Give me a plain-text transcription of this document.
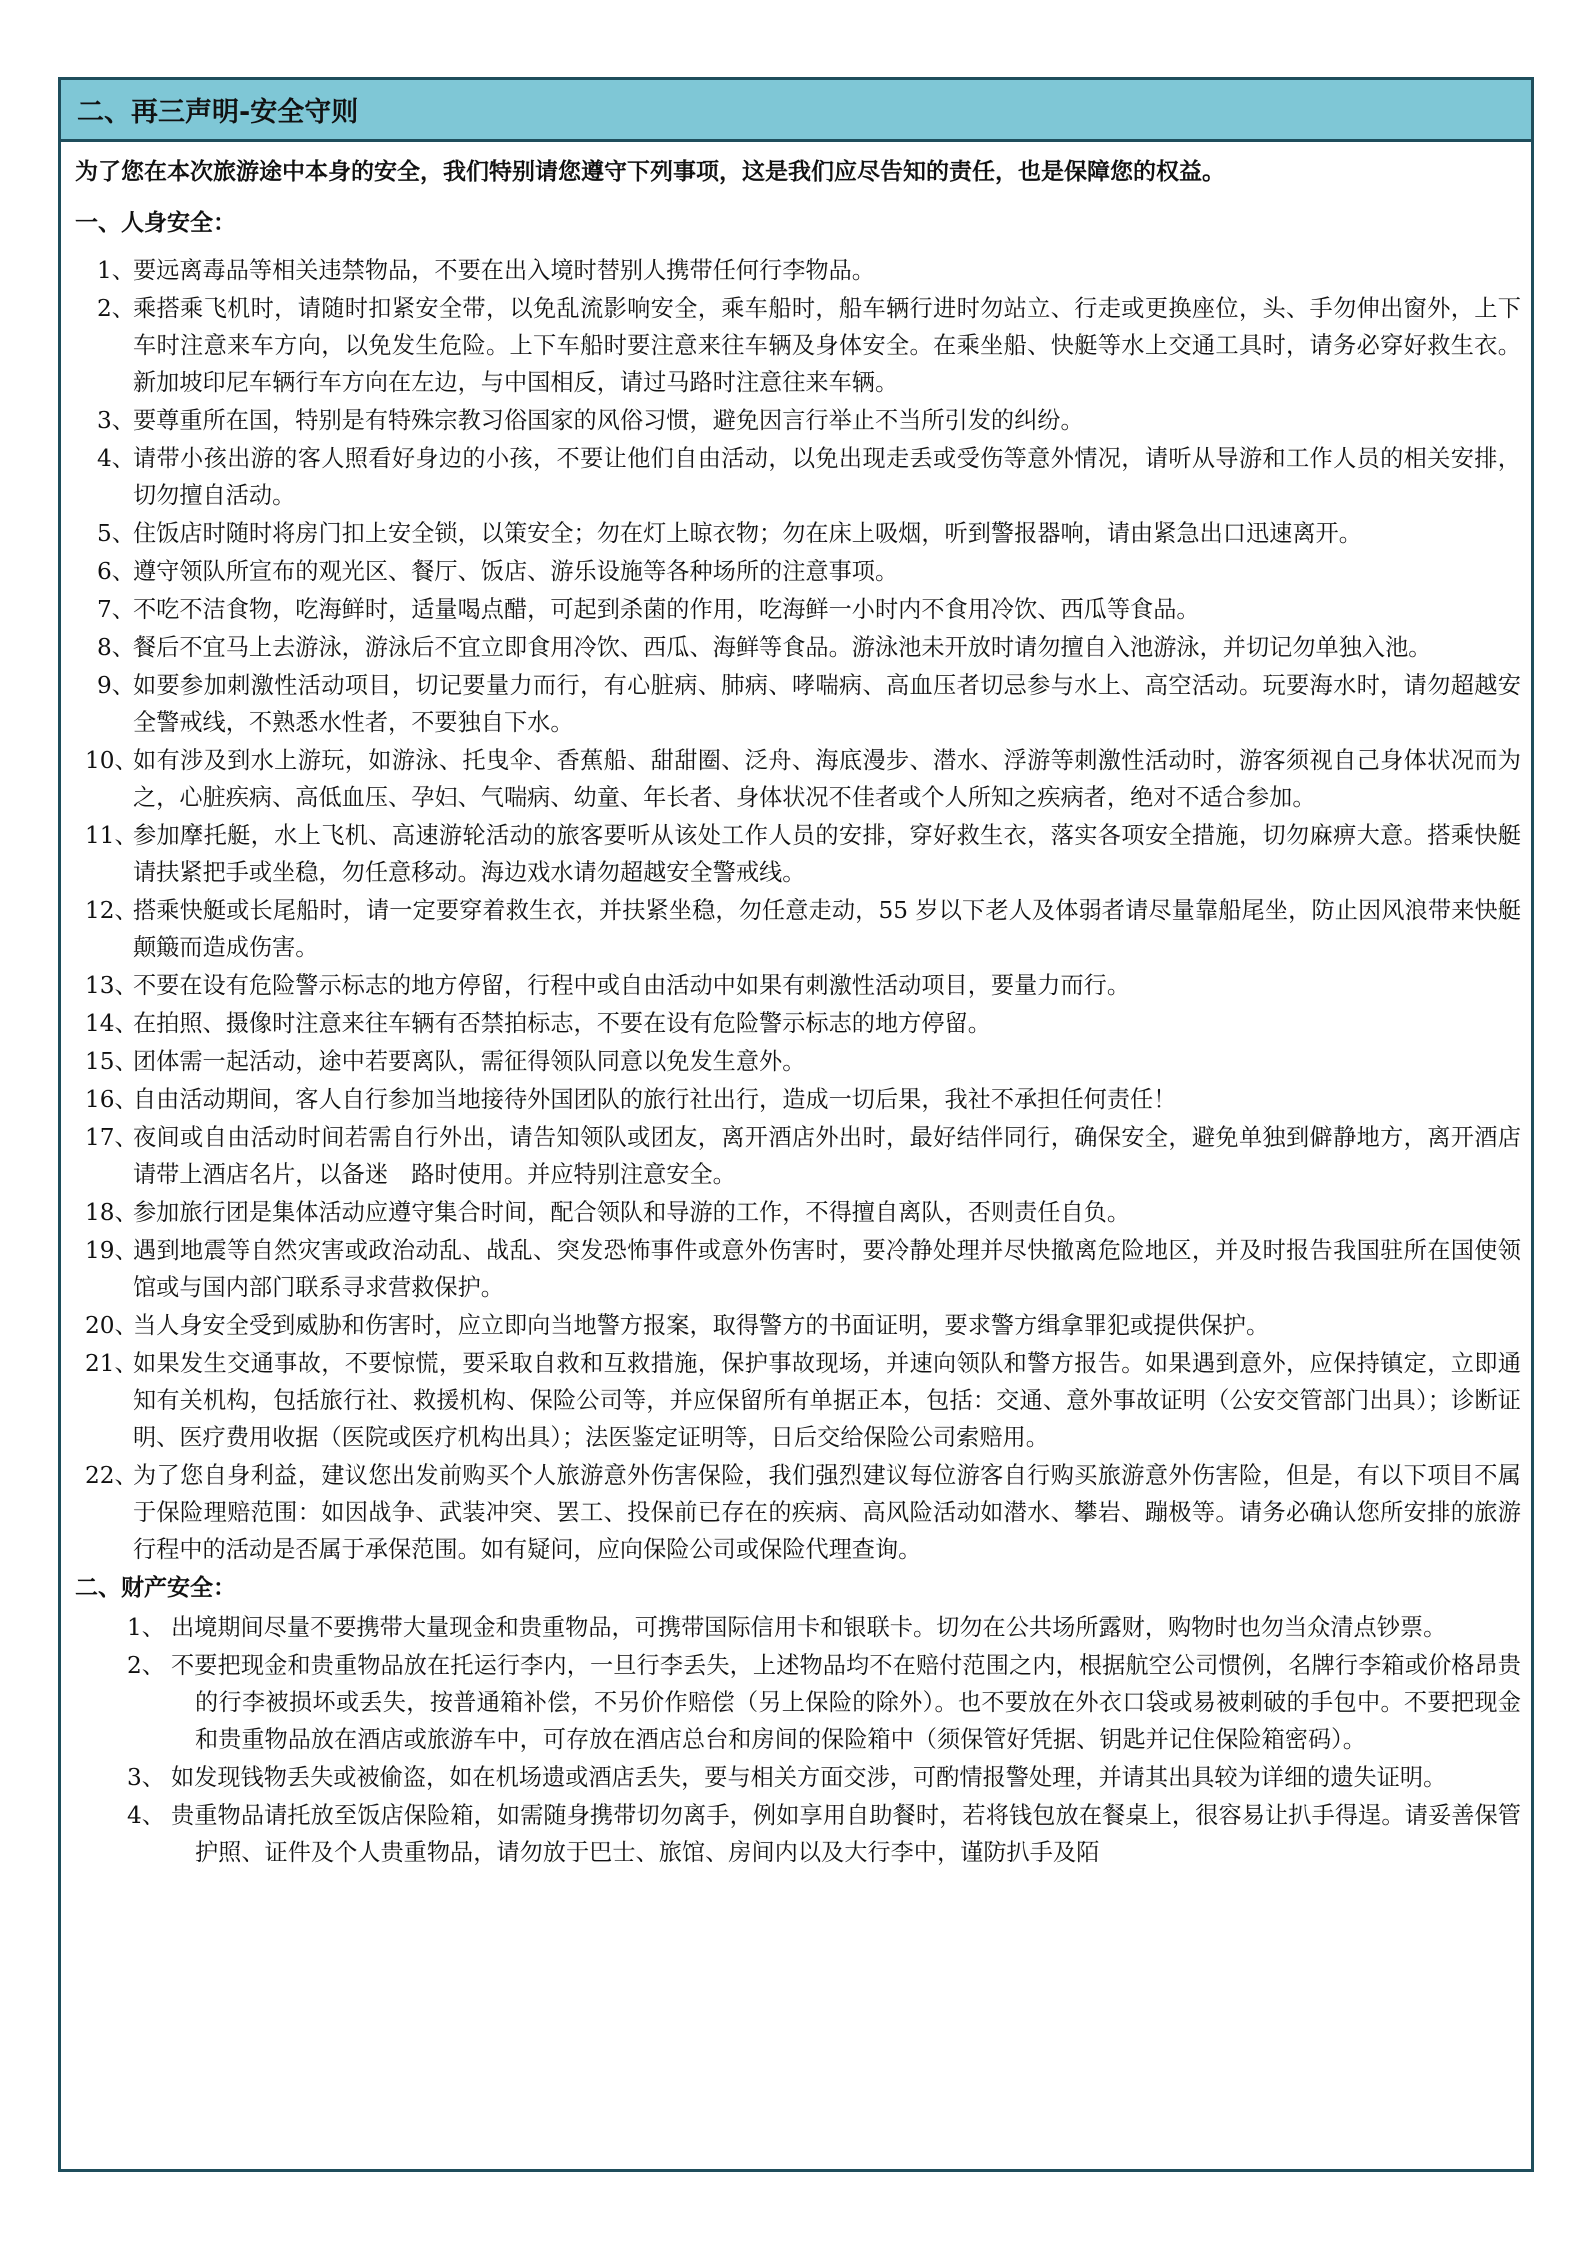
二、再三声明-安全守则
为了您在本次旅游途中本身的安全，我们特别请您遵守下列事项，这是我们应尽告知的责任，也是保障您的权益。
一、人身安全：
1、
要远离毒品等相关违禁物品，不要在出入境时替别人携带任何行李物品。
2、
乘搭乘飞机时，请随时扣紧安全带，以免乱流影响安全，乘车船时，船车辆行进时勿站立、行走或更换座位，头、手勿伸出窗外，上下车时注意来车方向，以免发生危险。上下车船时要注意来往车辆及身体安全。在乘坐船、快艇等水上交通工具时，请务必穿好救生衣。新加坡印尼车辆行车方向在左边，与中国相反，请过马路时注意往来车辆。
3、
要尊重所在国，特别是有特殊宗教习俗国家的风俗习惯，避免因言行举止不当所引发的纠纷。
4、
请带小孩出游的客人照看好身边的小孩，不要让他们自由活动，以免出现走丢或受伤等意外情况，请听从导游和工作人员的相关安排，切勿擅自活动。
5、
住饭店时随时将房门扣上安全锁，以策安全；勿在灯上晾衣物；勿在床上吸烟，听到警报器响，请由紧急出口迅速离开。
6、
遵守领队所宣布的观光区、餐厅、饭店、游乐设施等各种场所的注意事项。
7、
不吃不洁食物，吃海鲜时，适量喝点醋，可起到杀菌的作用，吃海鲜一小时内不食用冷饮、西瓜等食品。
8、
餐后不宜马上去游泳，游泳后不宜立即食用冷饮、西瓜、海鲜等食品。游泳池未开放时请勿擅自入池游泳，并切记勿单独入池。
9、
如要参加刺激性活动项目，切记要量力而行，有心脏病、肺病、哮喘病、高血压者切忌参与水上、高空活动。玩要海水时，请勿超越安全警戒线，不熟悉水性者，不要独自下水。
10、
如有涉及到水上游玩，如游泳、托曳伞、香蕉船、甜甜圈、泛舟、海底漫步、潜水、浮游等刺激性活动时，游客须视自己身体状况而为之，心脏疾病、高低血压、孕妇、气喘病、幼童、年长者、身体状况不佳者或个人所知之疾病者，绝对不适合参加。
11、
参加摩托艇，水上飞机、高速游轮活动的旅客要听从该处工作人员的安排，穿好救生衣，落实各项安全措施，切勿麻痹大意。搭乘快艇请扶紧把手或坐稳，勿任意移动。海边戏水请勿超越安全警戒线。
12、
搭乘快艇或长尾船时，请一定要穿着救生衣，并扶紧坐稳，勿任意走动，55 岁以下老人及体弱者请尽量靠船尾坐，防止因风浪带来快艇颠簸而造成伤害。
13、
不要在设有危险警示标志的地方停留，行程中或自由活动中如果有刺激性活动项目，要量力而行。
14、
在拍照、摄像时注意来往车辆有否禁拍标志，不要在设有危险警示标志的地方停留。
15、
团体需一起活动，途中若要离队，需征得领队同意以免发生意外。
16、
自由活动期间，客人自行参加当地接待外国团队的旅行社出行，造成一切后果，我社不承担任何责任！
17、
夜间或自由活动时间若需自行外出，请告知领队或团友，离开酒店外出时，最好结伴同行，确保安全，避免单独到僻静地方，离开酒店请带上酒店名片，以备迷　路时使用。并应特别注意安全。
18、
参加旅行团是集体活动应遵守集合时间，配合领队和导游的工作，不得擅自离队，否则责任自负。
19、
遇到地震等自然灾害或政治动乱、战乱、突发恐怖事件或意外伤害时，要冷静处理并尽快撤离危险地区，并及时报告我国驻所在国使领馆或与国内部门联系寻求营救保护。
20、
当人身安全受到威胁和伤害时，应立即向当地警方报案，取得警方的书面证明，要求警方缉拿罪犯或提供保护。
21、
如果发生交通事故，不要惊慌，要采取自救和互救措施，保护事故现场，并速向领队和警方报告。如果遇到意外，应保持镇定，立即通知有关机构，包括旅行社、救援机构、保险公司等，并应保留所有单据正本，包括：交通、意外事故证明（公安交管部门出具）；诊断证明、医疗费用收据（医院或医疗机构出具）；法医鉴定证明等，日后交给保险公司索赔用。
22、
为了您自身利益，建议您出发前购买个人旅游意外伤害保险，我们强烈建议每位游客自行购买旅游意外伤害险，但是，有以下项目不属于保险理赔范围：如因战争、武装冲突、罢工、投保前已存在的疾病、高风险活动如潜水、攀岩、蹦极等。请务必确认您所安排的旅游行程中的活动是否属于承保范围。如有疑问，应向保险公司或保险代理查询。
二、财产安全：
1、 出境期间尽量不要携带大量现金和贵重物品，可携带国际信用卡和银联卡。切勿在公共场所露财，购物时也勿当众清点钞票。
2、 不要把现金和贵重物品放在托运行李内，一旦行李丢失，上述物品均不在赔付范围之内，根据航空公司惯例，名牌行李箱或价格昂贵的行李被损坏或丢失，按普通箱补偿，不另价作赔偿（另上保险的除外）。也不要放在外衣口袋或易被刺破的手包中。不要把现金和贵重物品放在酒店或旅游车中，可存放在酒店总台和房间的保险箱中（须保管好凭据、钥匙并记住保险箱密码）。
3、 如发现钱物丢失或被偷盗，如在机场遗或酒店丢失，要与相关方面交涉，可酌情报警处理，并请其出具较为详细的遗失证明。
4、 贵重物品请托放至饭店保险箱，如需随身携带切勿离手，例如享用自助餐时，若将钱包放在餐桌上，很容易让扒手得逞。请妥善保管护照、证件及个人贵重物品，请勿放于巴士、旅馆、房间内以及大行李中，谨防扒手及陌
